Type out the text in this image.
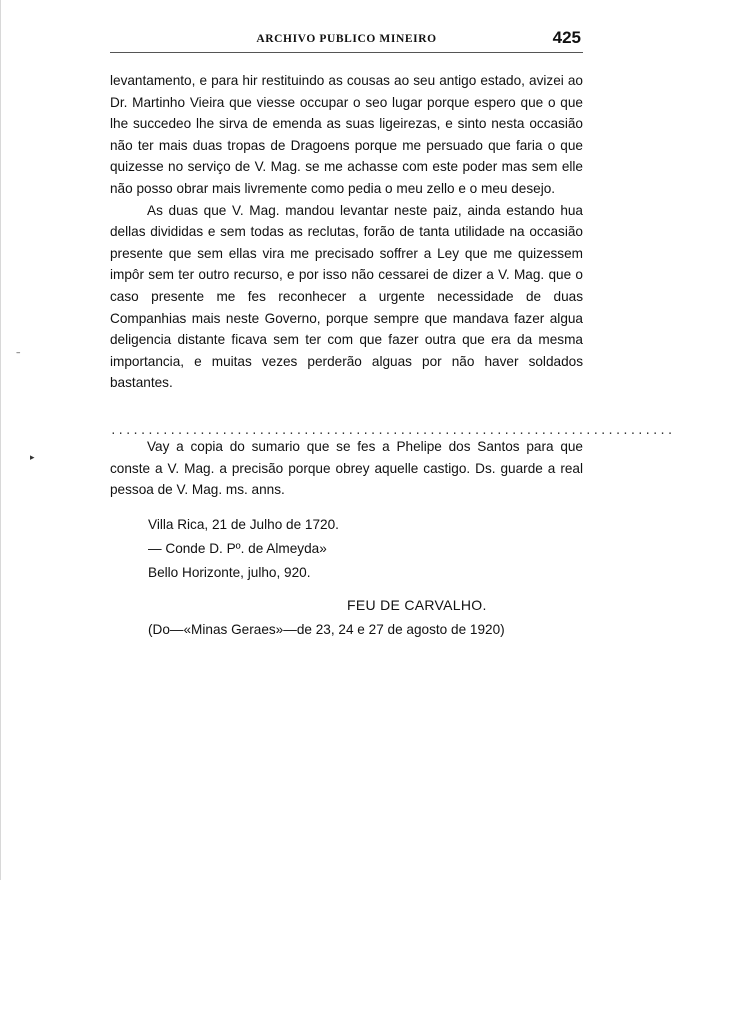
ARCHIVO PUBLICO MINEIRO	425

levantamento, e para hir restituindo as cousas ao seu antigo estado, avizei ao Dr. Martinho Vieira que viesse occupar o seo lugar porque espero que o que lhe succedeo lhe sirva de emenda as suas ligeirezas, e sinto nesta occasião não ter mais duas tropas de Dragoens porque me persuado que faria o que quizesse no serviço de V. Mag. se me achasse com este poder mas sem elle não posso obrar mais livremente como pedia o meu zello e o meu desejo.

As duas que V. Mag. mandou levantar neste paiz, ainda estando hua dellas divididas e sem todas as reclutas, forão de tanta utilidade na occasião presente que sem ellas vira me precisado soffrer a Ley que me quizessem impôr sem ter outro recurso, e por isso não cessarei de dizer a V. Mag. que o caso presente me fes reconhecer a urgente necessidade de duas Companhias mais neste Governo, porque sempre que mandava fazer algua deligencia distante ficava sem ter com que fazer outra que era da mesma importancia, e muitas vezes perderão alguas por não haver soldados bastantes.

............................................................................

Vay a copia do sumario que se fes a Phelipe dos Santos para que conste a V. Mag. a precisão porque obrey aquelle castigo. Ds. guarde a real pessoa de V. Mag. ms. anns.

Villa Rica, 21 de Julho de 1720.
— Conde D. Pº. de Almeyda»
Bello Horizonte, julho, 920.
FEU DE CARVALHO.
(Do—«Minas Geraes»—de 23, 24 e 27 de agosto de 1920)
–
▸
